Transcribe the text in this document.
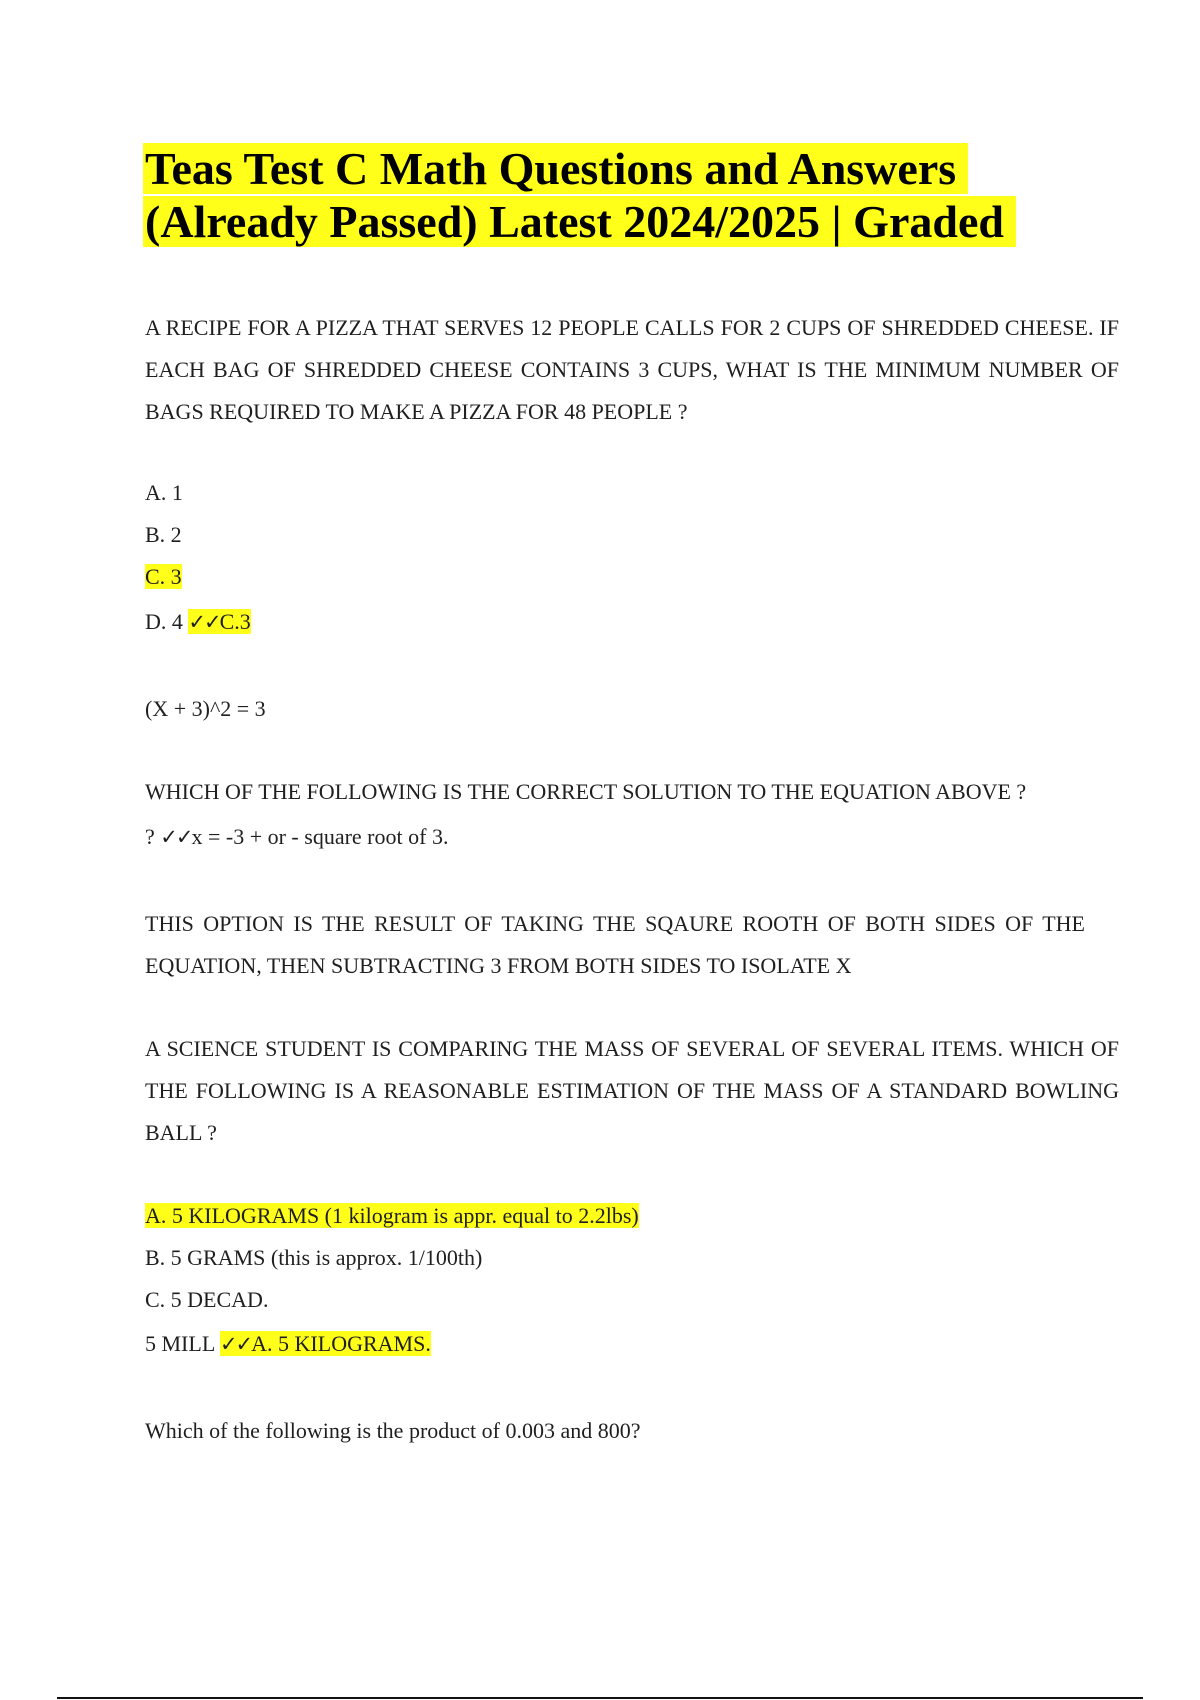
Teas Test C Math Questions and Answers (Already Passed) Latest 2024/2025 | Graded

A RECIPE FOR A PIZZA THAT SERVES 12 PEOPLE CALLS FOR 2 CUPS OF SHREDDED CHEESE. IF EACH BAG OF SHREDDED CHEESE CONTAINS 3 CUPS, WHAT IS THE MINIMUM NUMBER OF BAGS REQUIRED TO MAKE A PIZZA FOR 48 PEOPLE ?

A. 1

B. 2

C. 3

D. 4 ✓✓C.3

(X + 3)^2 = 3

WHICH OF THE FOLLOWING IS THE CORRECT SOLUTION TO THE EQUATION ABOVE ?

? ✓✓x = -3 + or - square root of 3.

THIS OPTION IS THE RESULT OF TAKING THE SQAURE ROOTH OF BOTH SIDES OF THE EQUATION, THEN SUBTRACTING 3 FROM BOTH SIDES TO ISOLATE X

A SCIENCE STUDENT IS COMPARING THE MASS OF SEVERAL OF SEVERAL ITEMS. WHICH OF THE FOLLOWING IS A REASONABLE ESTIMATION OF THE MASS OF A STANDARD BOWLING BALL ?

A. 5 KILOGRAMS (1 kilogram is appr. equal to 2.2lbs)

B. 5 GRAMS (this is approx. 1/100th)

C. 5 DECAD.

5 MILL ✓✓A. 5 KILOGRAMS.

Which of the following is the product of 0.003 and 800?
